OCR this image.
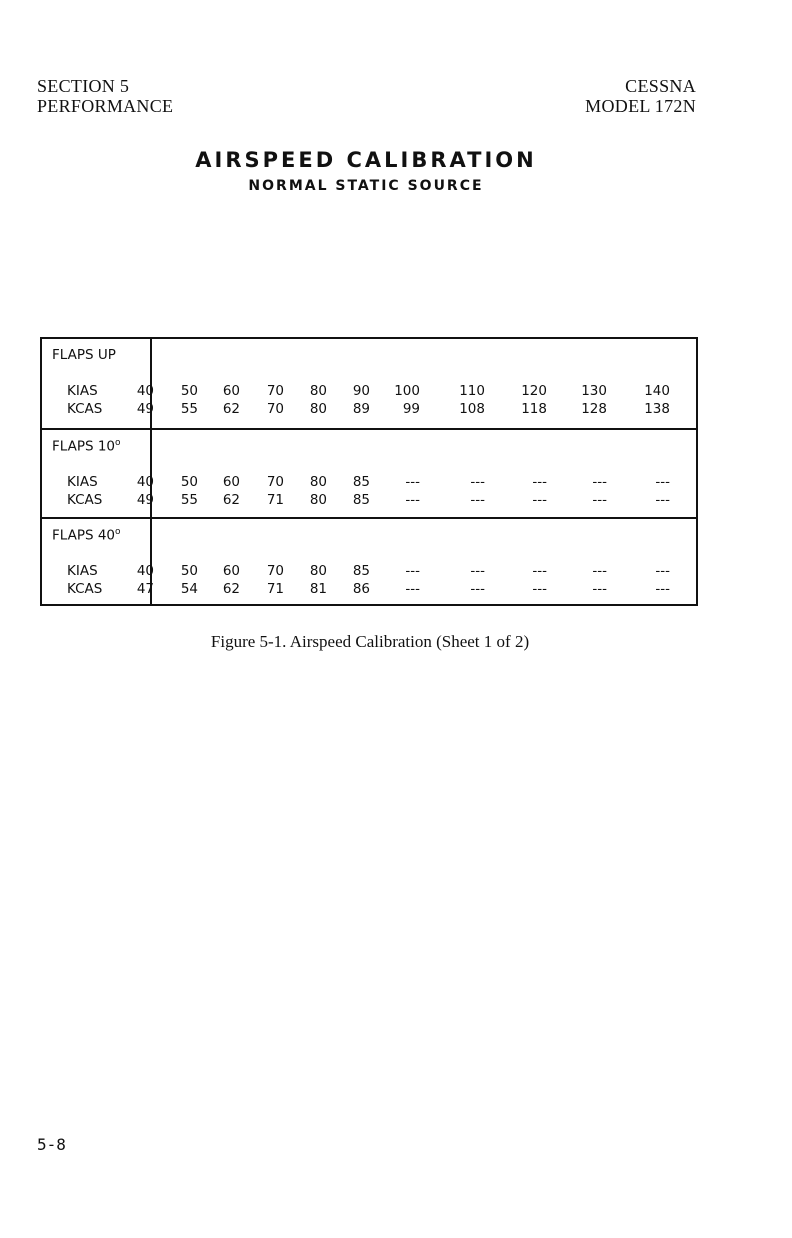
SECTION 5
PERFORMANCE
CESSNA
MODEL 172N
AIRSPEED CALIBRATION
NORMAL STATIC SOURCE
FLAPS UP
KIAS	40	50	60	70	80	90	100	110	120	130	140
KCAS	49	55	62	70	80	89	99	108	118	128	138
FLAPS 10$^o$
KIAS	40	50	60	70	80	85	---	---	---	---	---
KCAS	49	55	62	71	80	85	---	---	---	---	---
FLAPS 40$^o$
KIAS	40	50	60	70	80	85	---	---	---	---	---
KCAS	47	54	62	71	81	86	---	---	---	---	---
Figure 5-1. Airspeed Calibration (Sheet 1 of 2)
5-8
